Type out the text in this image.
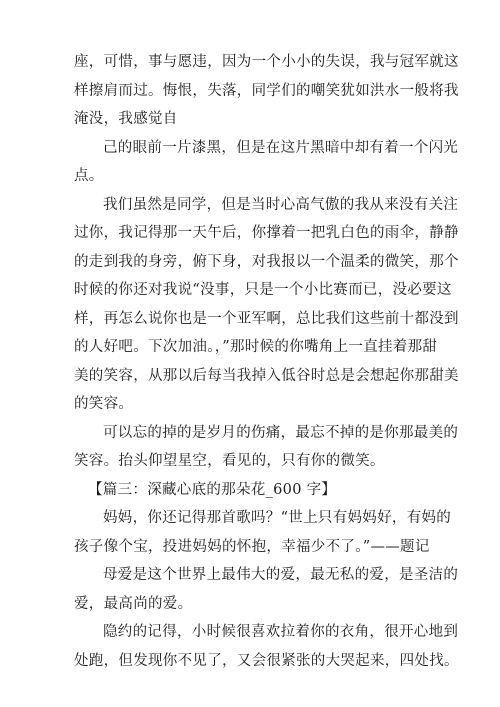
座，可惜，事与愿违，因为一个小小的失误，我与冠军就这
样擦肩而过。悔恨，失落，同学们的嘲笑犹如洪水一般将我
淹没，我感觉自
己的眼前一片漆黑，但是在这片黑暗中却有着一个闪光
点。
我们虽然是同学，但是当时心高气傲的我从来没有关注
过你，我记得那一天午后，你撑着一把乳白色的雨伞，静静
的走到我的身旁，俯下身，对我报以一个温柔的微笑，那个
时候的你还对我说“没事，只是一个小比赛而已，没必要这
样，再怎么说你也是一个亚军啊，总比我们这些前十都没到
的人好吧。下次加油。，”那时候的你嘴角上一直挂着那甜
美的笑容，从那以后每当我掉入低谷时总是会想起你那甜美
的笑容。
可以忘的掉的是岁月的伤痛，最忘不掉的是你那最美的
笑容。抬头仰望星空，看见的，只有你的微笑。
【篇三：深藏心底的那朵花_600 字】
妈妈，你还记得那首歌吗？“世上只有妈妈好，有妈的
孩子像个宝，投进妈妈的怀抱，幸福少不了。”——题记
母爱是这个世界上最伟大的爱，最无私的爱，是圣洁的
爱，最高尚的爱。
隐约的记得，小时候很喜欢拉着你的衣角，很开心地到
处跑，但发现你不见了，又会很紧张的大哭起来，四处找。
